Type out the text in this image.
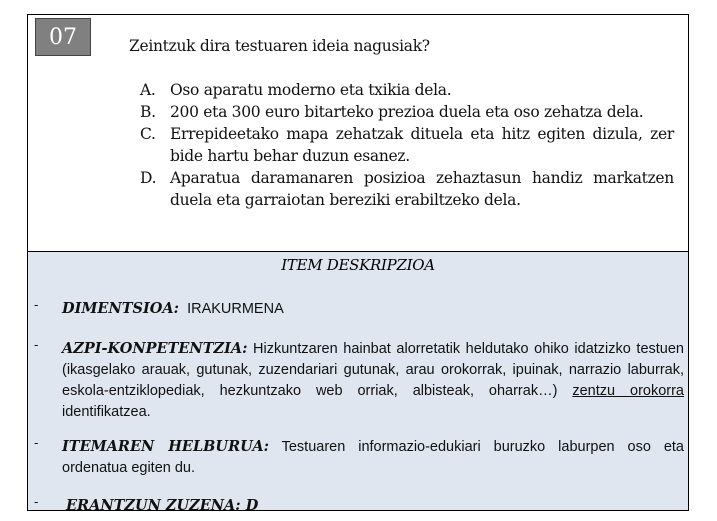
07	Zeintzuk dira testuaren ideia nagusiak?
A. Oso aparatu moderno eta txikia dela.
B. 200 eta 300 euro bitarteko prezioa duela eta oso zehatza dela.
C. Errepideetako mapa zehatzak dituela eta hitz egiten dizula, zer bide hartu behar duzun esanez.
D. Aparatua daramanaren posizioa zehaztasun handiz markatzen duela eta garraiotan bereziki erabiltzeko dela.
ITEM DESKRIPZIOA
- DIMENTSIOA: IRAKURMENA
- AZPI-KONPETENTZIA: Hizkuntzaren hainbat alorretatik heldutako ohiko idatzizko testuen (ikasgelako arauak, gutunak, zuzendariari gutunak, arau orokorrak, ipuinak, narrazio laburrak, eskola-entziklopediak, hezkuntzako web orriak, albisteak, oharrak…) zentzu orokorra identifikatzea.
- ITEMAREN HELBURUA: Testuaren informazio-edukiari buruzko laburpen oso eta ordenatua egiten du.
- ERANTZUN ZUZENA: D
